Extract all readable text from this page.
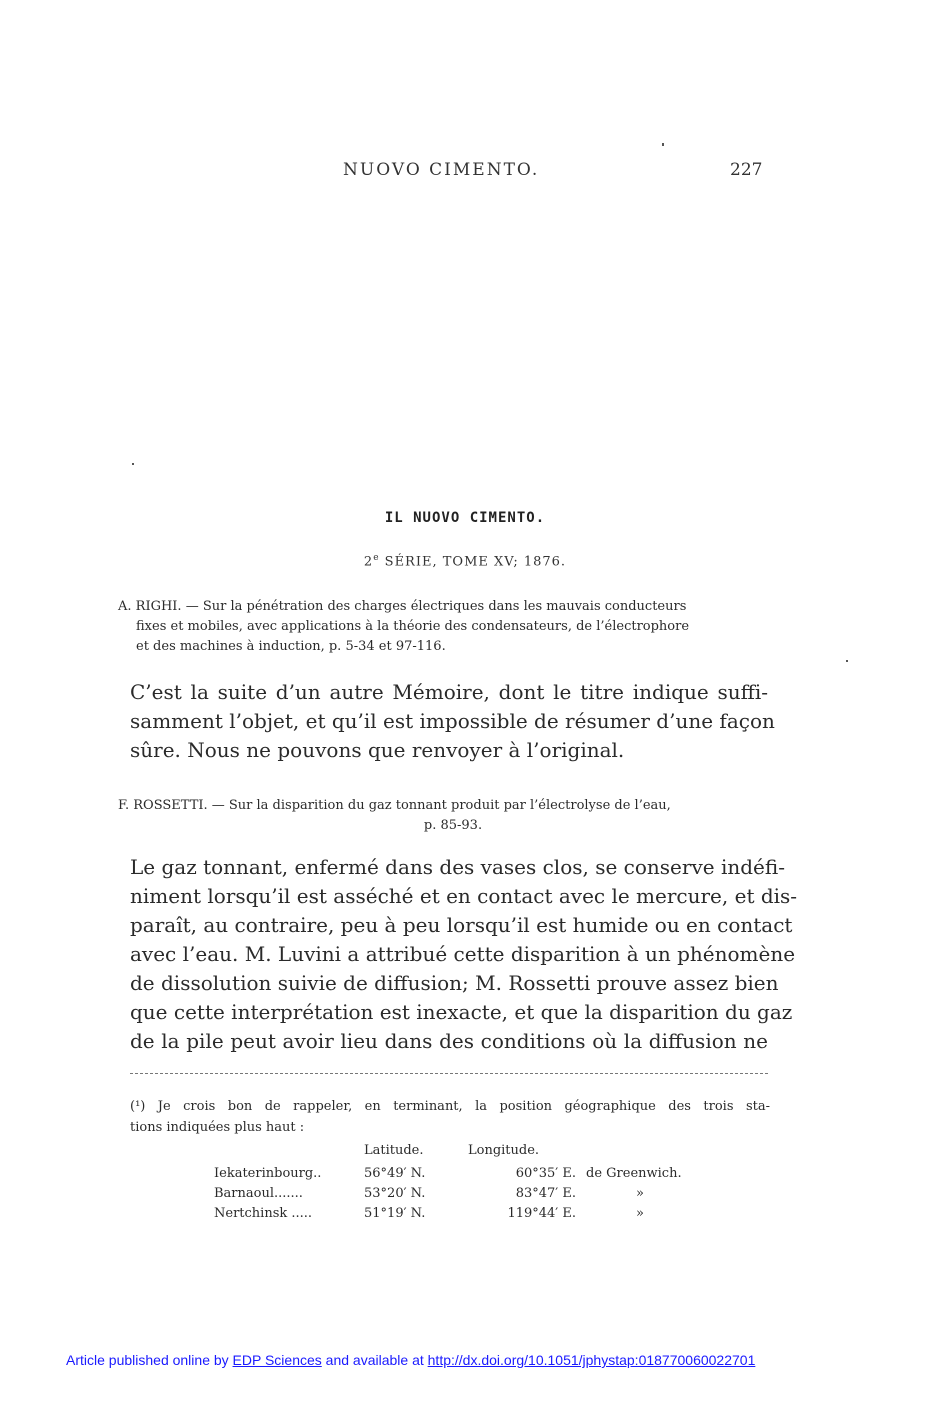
NUOVO CIMENTO.	227
IL NUOVO CIMENTO.
2e SÉRIE, TOME XV; 1876.
A. RIGHI. — Sur la pénétration des charges électriques dans les mauvais conducteurs
fixes et mobiles, avec applications à la théorie des condensateurs, de l’électrophore
et des machines à induction, p. 5-34 et 97-116.
C’est la suite d’un autre Mémoire, dont le titre indique suffi-
samment l’objet, et qu’il est impossible de résumer d’une façon
sûre. Nous ne pouvons que renvoyer à l’original.
F. ROSSETTI. — Sur la disparition du gaz tonnant produit par l’électrolyse de l’eau,
p. 85-93.
Le gaz tonnant, enfermé dans des vases clos, se conserve indéfi-
niment lorsqu’il est asséché et en contact avec le mercure, et dis-
paraît, au contraire, peu à peu lorsqu’il est humide ou en contact
avec l’eau. M. Luvini a attribué cette disparition à un phénomène
de dissolution suivie de diffusion; M. Rossetti prouve assez bien
que cette interprétation est inexacte, et que la disparition du gaz
de la pile peut avoir lieu dans des conditions où la diffusion ne
(¹) Je crois bon de rappeler, en terminant, la position géographique des trois sta-
tions indiquées plus haut :
	Latitude.	Longitude.	
Iekaterinbourg..	56°49′ N.	60°35′ E.	de Greenwich.
Barnaoul.......	53°20′ N.	83°47′ E.	»
Nertchinsk .....	51°19′ N.	119°44′ E.	»
Article published online by EDP Sciences and available at http://dx.doi.org/10.1051/jphystap:018770060022701
